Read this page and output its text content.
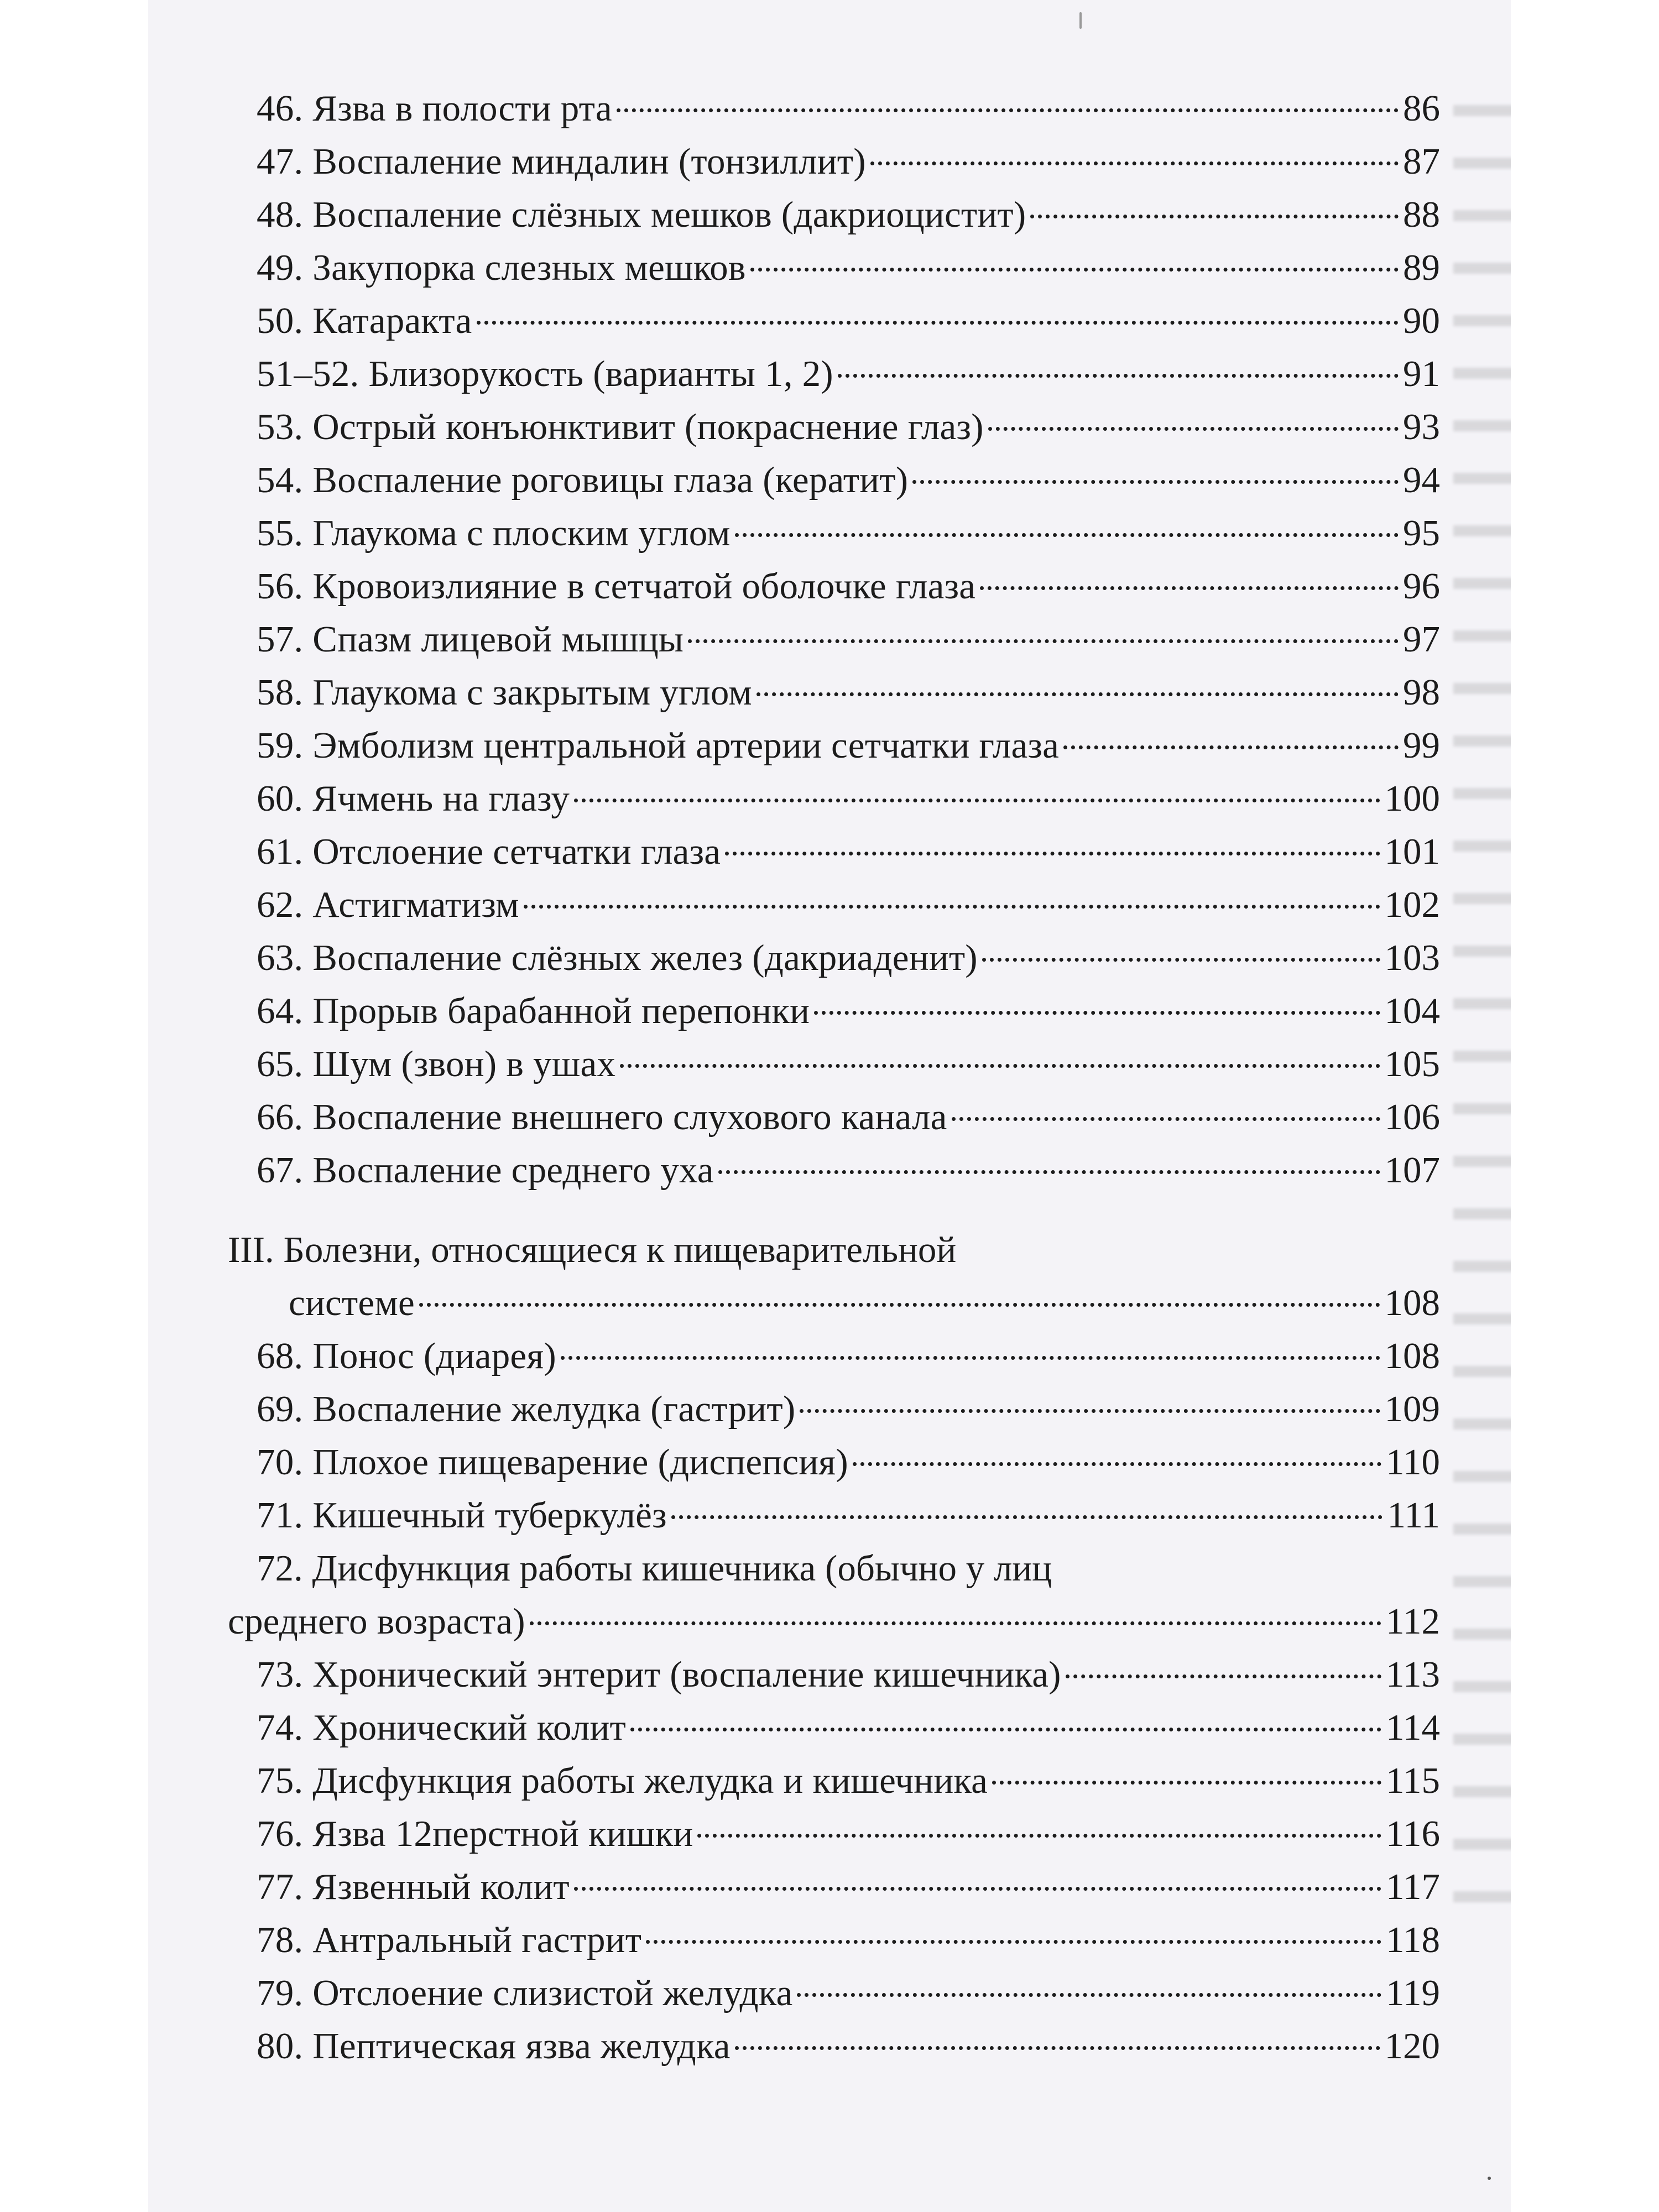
46. Язва в полости рта	86
47. Воспаление миндалин (тонзиллит)	87
48. Воспаление слёзных мешков (дакриоцистит)	88
49. Закупорка слезных мешков	89
50. Катаракта	90
51–52. Близорукость (варианты 1, 2)	91
53. Острый конъюнктивит (покраснение глаз)	93
54. Воспаление роговицы глаза (кератит)	94
55. Глаукома с плоским углом	95
56. Кровоизлияние в сетчатой оболочке глаза	96
57. Спазм лицевой мышцы	97
58. Глаукома с закрытым углом	98
59. Эмболизм центральной артерии сетчатки глаза	99
60. Ячмень на глазу	100
61. Отслоение сетчатки глаза	101
62. Астигматизм	102
63. Воспаление слёзных желез (дакриаденит)	103
64. Прорыв барабанной перепонки	104
65. Шум (звон) в ушах	105
66. Воспаление внешнего слухового канала	106
67. Воспаление среднего уха	107
III. Болезни, относящиеся к пищеварительной
системе	108
68. Понос (диарея)	108
69. Воспаление желудка (гастрит)	109
70. Плохое пищеварение (диспепсия)	110
71. Кишечный туберкулёз	111
72. Дисфункция работы кишечника (обычно у лиц
среднего возраста)	112
73. Хронический энтерит (воспаление кишечника)	113
74. Хронический колит	114
75. Дисфункция работы желудка и кишечника	115
76. Язва 12перстной кишки	116
77. Язвенный колит	117
78. Антральный гастрит	118
79. Отслоение слизистой желудка	119
80. Пептическая язва желудка	120
